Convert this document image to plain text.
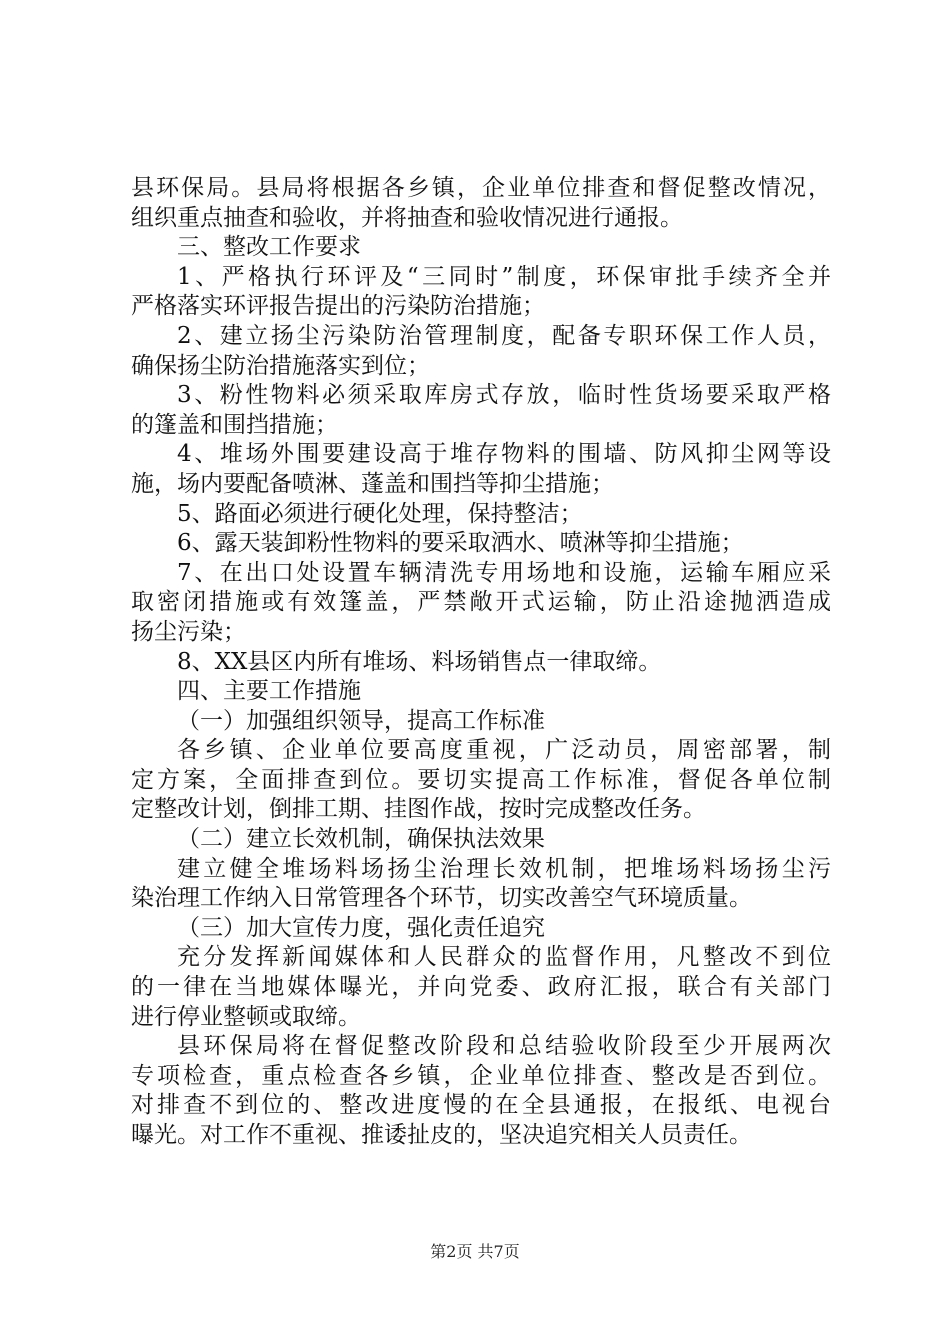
县环保局。县局将根据各乡镇，企业单位排查和督促整改情况，
组织重点抽查和验收，并将抽查和验收情况进行通报。
三、整改工作要求
1、严格执行环评及“三同时”制度，环保审批手续齐全并
严格落实环评报告提出的污染防治措施；
2、建立扬尘污染防治管理制度，配备专职环保工作人员，
确保扬尘防治措施落实到位；
3、粉性物料必须采取库房式存放，临时性货场要采取严格
的篷盖和围挡措施；
4、堆场外围要建设高于堆存物料的围墙、防风抑尘网等设
施，场内要配备喷淋、蓬盖和围挡等抑尘措施；
5、路面必须进行硬化处理，保持整洁；
6、露天装卸粉性物料的要采取洒水、喷淋等抑尘措施；
7、在出口处设置车辆清洗专用场地和设施，运输车厢应采
取密闭措施或有效篷盖，严禁敞开式运输，防止沿途抛洒造成
扬尘污染；
8、XX县区内所有堆场、料场销售点一律取缔。
四、主要工作措施
（一）加强组织领导，提高工作标准
各乡镇、企业单位要高度重视，广泛动员，周密部署，制
定方案，全面排查到位。要切实提高工作标准，督促各单位制
定整改计划，倒排工期、挂图作战，按时完成整改任务。
（二）建立长效机制，确保执法效果
建立健全堆场料场扬尘治理长效机制，把堆场料场扬尘污
染治理工作纳入日常管理各个环节，切实改善空气环境质量。
（三）加大宣传力度，强化责任追究
充分发挥新闻媒体和人民群众的监督作用，凡整改不到位
的一律在当地媒体曝光，并向党委、政府汇报，联合有关部门
进行停业整顿或取缔。
县环保局将在督促整改阶段和总结验收阶段至少开展两次
专项检查，重点检查各乡镇，企业单位排查、整改是否到位。
对排查不到位的、整改进度慢的在全县通报，在报纸、电视台
曝光。对工作不重视、推诿扯皮的，坚决追究相关人员责任。
第2页 共7页
